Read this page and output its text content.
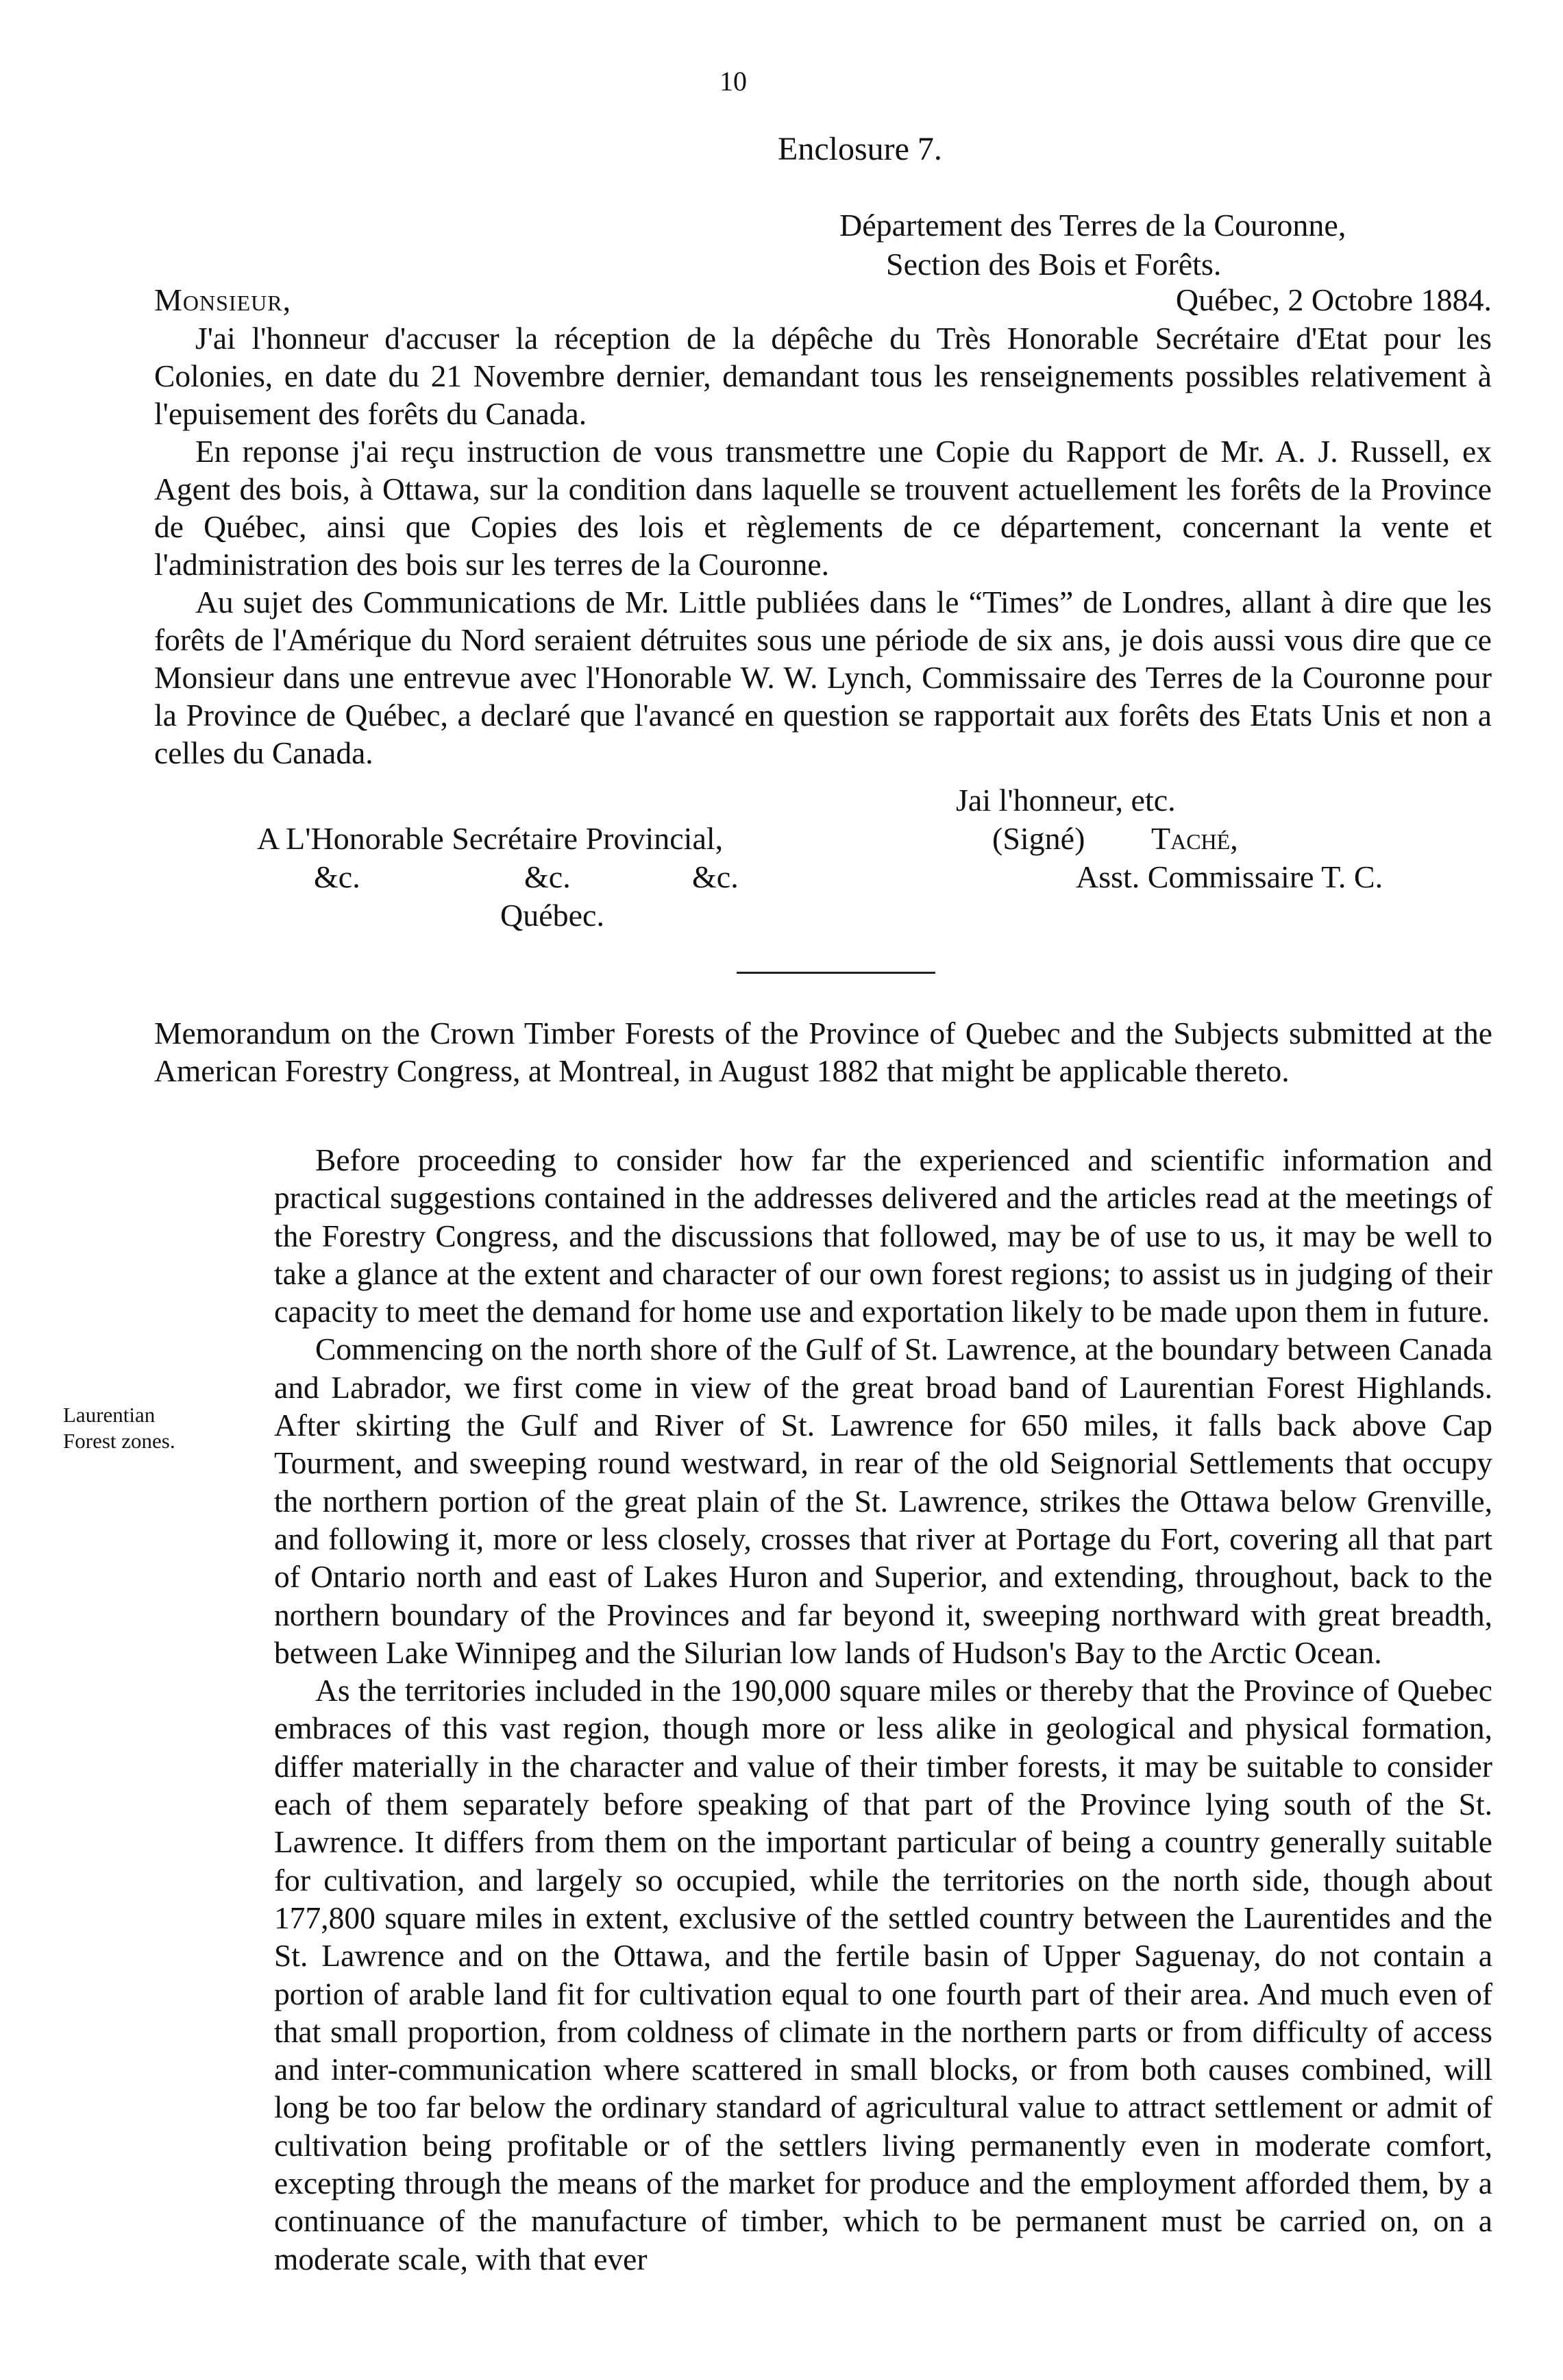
10
Enclosure 7.
Département des Terres de la Couronne,
Section des Bois et Forêts.
Monsieur,	Québec, 2 Octobre 1884.

J'ai l'honneur d'accuser la réception de la dépêche du Très Honorable Secrétaire d'Etat pour les Colonies, en date du 21 Novembre dernier, demandant tous les renseignements possibles relativement à l'epuisement des forêts du Canada.

En reponse j'ai reçu instruction de vous transmettre une Copie du Rapport de Mr. A. J. Russell, ex Agent des bois, à Ottawa, sur la condition dans laquelle se trouvent actuellement les forêts de la Province de Québec, ainsi que Copies des lois et règlements de ce département, concernant la vente et l'administration des bois sur les terres de la Couronne.

Au sujet des Communications de Mr. Little publiées dans le “Times” de Londres, allant à dire que les forêts de l'Amérique du Nord seraient détruites sous une période de six ans, je dois aussi vous dire que ce Monsieur dans une entrevue avec l'Honorable W. W. Lynch, Commissaire des Terres de la Couronne pour la Province de Québec, a declaré que l'avancé en question se rapportait aux forêts des Etats Unis et non a celles du Canada.

Jai l'honneur, etc.
A L'Honorable Secrétaire Provincial,
&c.	&c.	&c.
Québec.
(Signé) Taché,
Asst. Commissaire T. C.
Memorandum on the Crown Timber Forests of the Province of Quebec and the Subjects submitted at the American Forestry Congress, at Montreal, in August 1882 that might be applicable thereto.
Laurentian Forest zones.

Before proceeding to consider how far the experienced and scientific information and practical suggestions contained in the addresses delivered and the articles read at the meetings of the Forestry Congress, and the discussions that followed, may be of use to us, it may be well to take a glance at the extent and character of our own forest regions; to assist us in judging of their capacity to meet the demand for home use and exportation likely to be made upon them in future.

Commencing on the north shore of the Gulf of St. Lawrence, at the boundary between Canada and Labrador, we first come in view of the great broad band of Laurentian Forest Highlands. After skirting the Gulf and River of St. Lawrence for 650 miles, it falls back above Cap Tourment, and sweeping round westward, in rear of the old Seignorial Settlements that occupy the northern portion of the great plain of the St. Lawrence, strikes the Ottawa below Grenville, and following it, more or less closely, crosses that river at Portage du Fort, covering all that part of Ontario north and east of Lakes Huron and Superior, and extending, throughout, back to the northern boundary of the Provinces and far beyond it, sweeping northward with great breadth, between Lake Winnipeg and the Silurian low lands of Hudson's Bay to the Arctic Ocean.

As the territories included in the 190,000 square miles or thereby that the Province of Quebec embraces of this vast region, though more or less alike in geological and physical formation, differ materially in the character and value of their timber forests, it may be suitable to consider each of them separately before speaking of that part of the Province lying south of the St. Lawrence. It differs from them on the important particular of being a country generally suitable for cultivation, and largely so occupied, while the territories on the north side, though about 177,800 square miles in extent, exclusive of the settled country between the Laurentides and the St. Lawrence and on the Ottawa, and the fertile basin of Upper Saguenay, do not contain a portion of arable land fit for cultivation equal to one fourth part of their area. And much even of that small proportion, from coldness of climate in the northern parts or from difficulty of access and inter-communication where scattered in small blocks, or from both causes combined, will long be too far below the ordinary standard of agricultural value to attract settlement or admit of cultivation being profitable or of the settlers living permanently even in moderate comfort, excepting through the means of the market for produce and the employment afforded them, by a continuance of the manufacture of timber, which to be permanent must be carried on, on a moderate scale, with that ever
